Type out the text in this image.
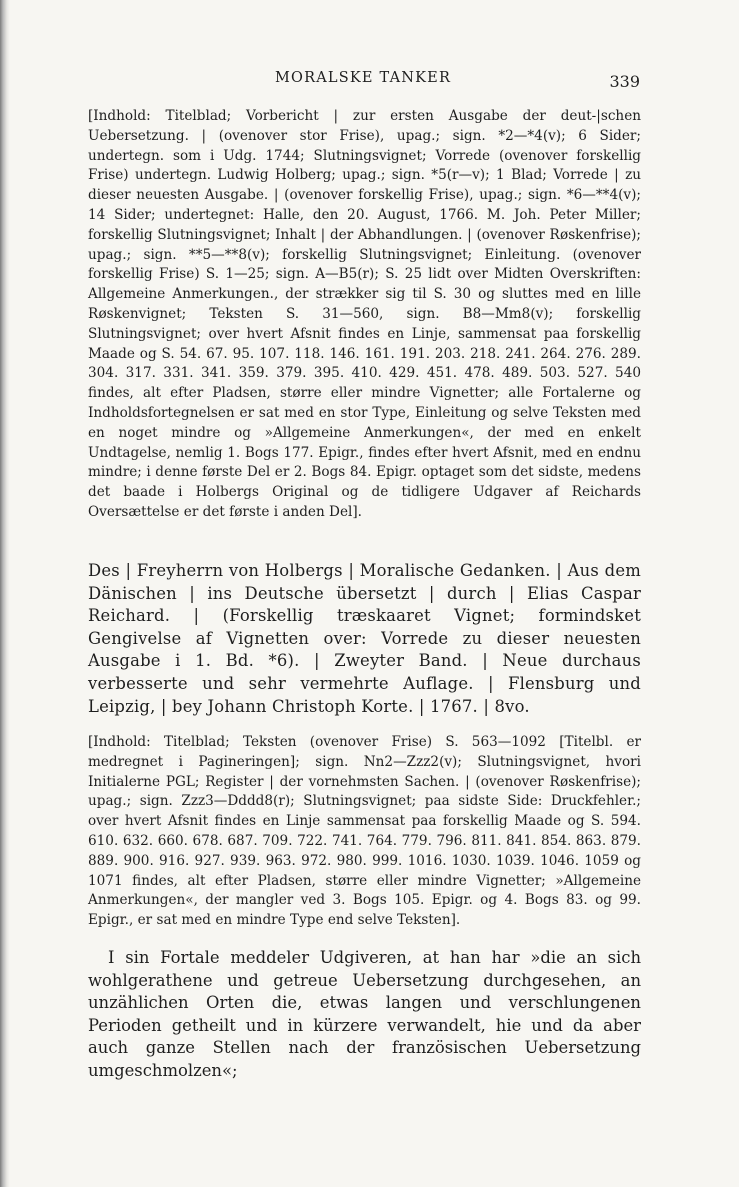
MORALSKE TANKER	339

[Indhold: Titelblad; Vorbericht | zur ersten Ausgabe der deut-|schen Uebersetzung. | (ovenover stor Frise), upag.; sign. *2—*4(v); 6 Sider; undertegn. som i Udg. 1744; Slutningsvignet; Vorrede (ovenover forskellig Frise) undertegn. Ludwig Holberg; upag.; sign. *5(r—v); 1 Blad; Vorrede | zu dieser neuesten Ausgabe. | (ovenover forskellig Frise), upag.; sign. *6—**4(v); 14 Sider; undertegnet: Halle, den 20. August, 1766. M. Joh. Peter Miller; forskellig Slutningsvignet; Inhalt | der Abhandlungen. | (ovenover Røskenfrise); upag.; sign. **5—**8(v); forskellig Slutningsvignet; Einleitung. (ovenover forskellig Frise) S. 1—25; sign. A—B5(r); S. 25 lidt over Midten Overskriften: Allgemeine Anmerkungen., der strækker sig til S. 30 og sluttes med en lille Røskenvignet; Teksten S. 31—560, sign. B8—Mm8(v); forskellig Slutningsvignet; over hvert Afsnit findes en Linje, sammensat paa forskellig Maade og S. 54. 67. 95. 107. 118. 146. 161. 191. 203. 218. 241. 264. 276. 289. 304. 317. 331. 341. 359. 379. 395. 410. 429. 451. 478. 489. 503. 527. 540 findes, alt efter Pladsen, større eller mindre Vignetter; alle Fortalerne og Indholdsfortegnelsen er sat med en stor Type, Einleitung og selve Teksten med en noget mindre og »Allgemeine Anmerkungen«, der med en enkelt Undtagelse, nemlig 1. Bogs 177. Epigr., findes efter hvert Afsnit, med en endnu mindre; i denne første Del er 2. Bogs 84. Epigr. optaget som det sidste, medens det baade i Holbergs Original og de tidligere Udgaver af Reichards Oversættelse er det første i anden Del].

Des | Freyherrn von Holbergs | Moralische Gedanken. | Aus dem Dänischen | ins Deutsche übersetzt | durch | Elias Caspar Reichard. | (Forskellig træskaaret Vignet; formindsket Gengivelse af Vignetten over: Vorrede zu dieser neuesten Ausgabe i 1. Bd. *6). | Zweyter Band. | Neue durchaus verbesserte und sehr vermehrte Auflage. | Flensburg und Leipzig, | bey Johann Christoph Korte. | 1767. | 8vo.

[Indhold: Titelblad; Teksten (ovenover Frise) S. 563—1092 [Titelbl. er medregnet i Pagineringen]; sign. Nn2—Zzz2(v); Slutningsvignet, hvori Initialerne PGL; Register | der vornehmsten Sachen. | (ovenover Røskenfrise); upag.; sign. Zzz3—Dddd8(r); Slutningsvignet; paa sidste Side: Druckfehler.; over hvert Afsnit findes en Linje sammensat paa forskellig Maade og S. 594. 610. 632. 660. 678. 687. 709. 722. 741. 764. 779. 796. 811. 841. 854. 863. 879. 889. 900. 916. 927. 939. 963. 972. 980. 999. 1016. 1030. 1039. 1046. 1059 og 1071 findes, alt efter Pladsen, større eller mindre Vignetter; »Allgemeine Anmerkungen«, der mangler ved 3. Bogs 105. Epigr. og 4. Bogs 83. og 99. Epigr., er sat med en mindre Type end selve Teksten].

I sin Fortale meddeler Udgiveren, at han har »die an sich wohlgerathene und getreue Uebersetzung durchgesehen, an unzählichen Orten die, etwas langen und verschlungenen Perioden getheilt und in kürzere verwandelt, hie und da aber auch ganze Stellen nach der französischen Uebersetzung umgeschmolzen«;
